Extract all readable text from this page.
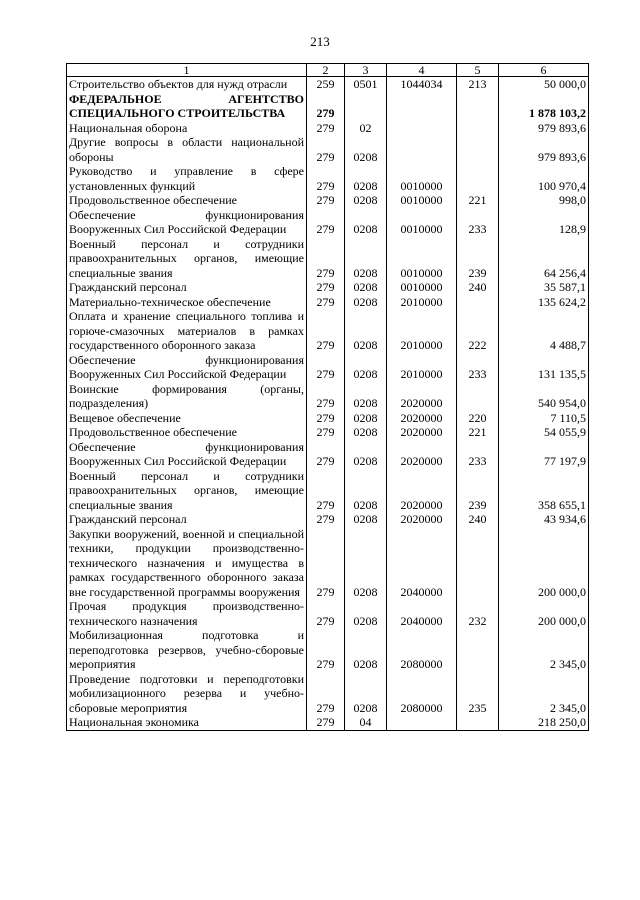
213
1	2	3	4	5	6
Строительство объектов для нужд отрасли	259	0501	1044034	213	50 000,0
ФЕДЕРАЛЬНОЕ АГЕНТСТВО СПЕЦИАЛЬНОГО СТРОИТЕЛЬСТВА	279				1 878 103,2
Национальная оборона	279	02			979 893,6
Другие вопросы в области национальной обороны	279	0208			979 893,6
Руководство и управление в сфере установленных функций	279	0208	0010000		100 970,4
Продовольственное обеспечение	279	0208	0010000	221	998,0
Обеспечение функционирования Вооруженных Сил Российской Федерации	279	0208	0010000	233	128,9
Военный персонал и сотрудники правоохранительных органов, имеющие специальные звания	279	0208	0010000	239	64 256,4
Гражданский персонал	279	0208	0010000	240	35 587,1
Материально-техническое обеспечение	279	0208	2010000		135 624,2
Оплата и хранение специального топлива и горюче-смазочных материалов в рамках государственного оборонного заказа	279	0208	2010000	222	4 488,7
Обеспечение функционирования Вооруженных Сил Российской Федерации	279	0208	2010000	233	131 135,5
Воинские формирования (органы, подразделения)	279	0208	2020000		540 954,0
Вещевое обеспечение	279	0208	2020000	220	7 110,5
Продовольственное обеспечение	279	0208	2020000	221	54 055,9
Обеспечение функционирования Вооруженных Сил Российской Федерации	279	0208	2020000	233	77 197,9
Военный персонал и сотрудники правоохранительных органов, имеющие специальные звания	279	0208	2020000	239	358 655,1
Гражданский персонал	279	0208	2020000	240	43 934,6
Закупки вооружений, военной и специальной техники, продукции производственно-технического назначения и имущества в рамках государственного оборонного заказа вне государственной программы вооружения	279	0208	2040000		200 000,0
Прочая продукция производственно-технического назначения	279	0208	2040000	232	200 000,0
Мобилизационная подготовка и переподготовка резервов, учебно-сборовые мероприятия	279	0208	2080000		2 345,0
Проведение подготовки и переподготовки мобилизационного резерва и учебно-сборовые мероприятия	279	0208	2080000	235	2 345,0
Национальная экономика	279	04			218 250,0
